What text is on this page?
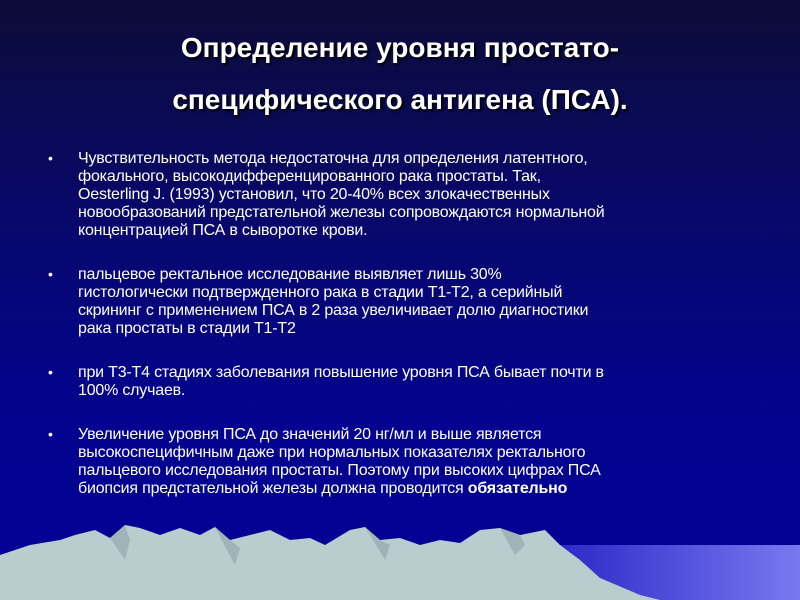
Определение уровня простато-
специфического антигена (ПСА).
• Чувствительность метода недостаточна для определения латентного,
фокального, высокодифференцированного рака простаты. Так,
Oesterling J. (1993) установил, что 20-40% всех злокачественных
новообразований предстательной железы сопровождаются нормальной
концентрацией ПСА в сыворотке крови.
• пальцевое ректальное исследование выявляет лишь 30%
гистологически подтвержденного рака в стадии Т1-Т2, а серийный
скрининг с применением ПСА в 2 раза увеличивает долю диагностики
рака простаты в стадии Т1-Т2
• при Т3-Т4 стадиях заболевания повышение уровня ПСА бывает почти в
100% случаев.
• Увеличение уровня ПСА до значений 20 нг/мл и выше является
высокоспецифичным даже при нормальных показателях ректального
пальцевого исследования простаты. Поэтому при высоких цифрах ПСА
биопсия предстательной железы должна проводится обязательно
